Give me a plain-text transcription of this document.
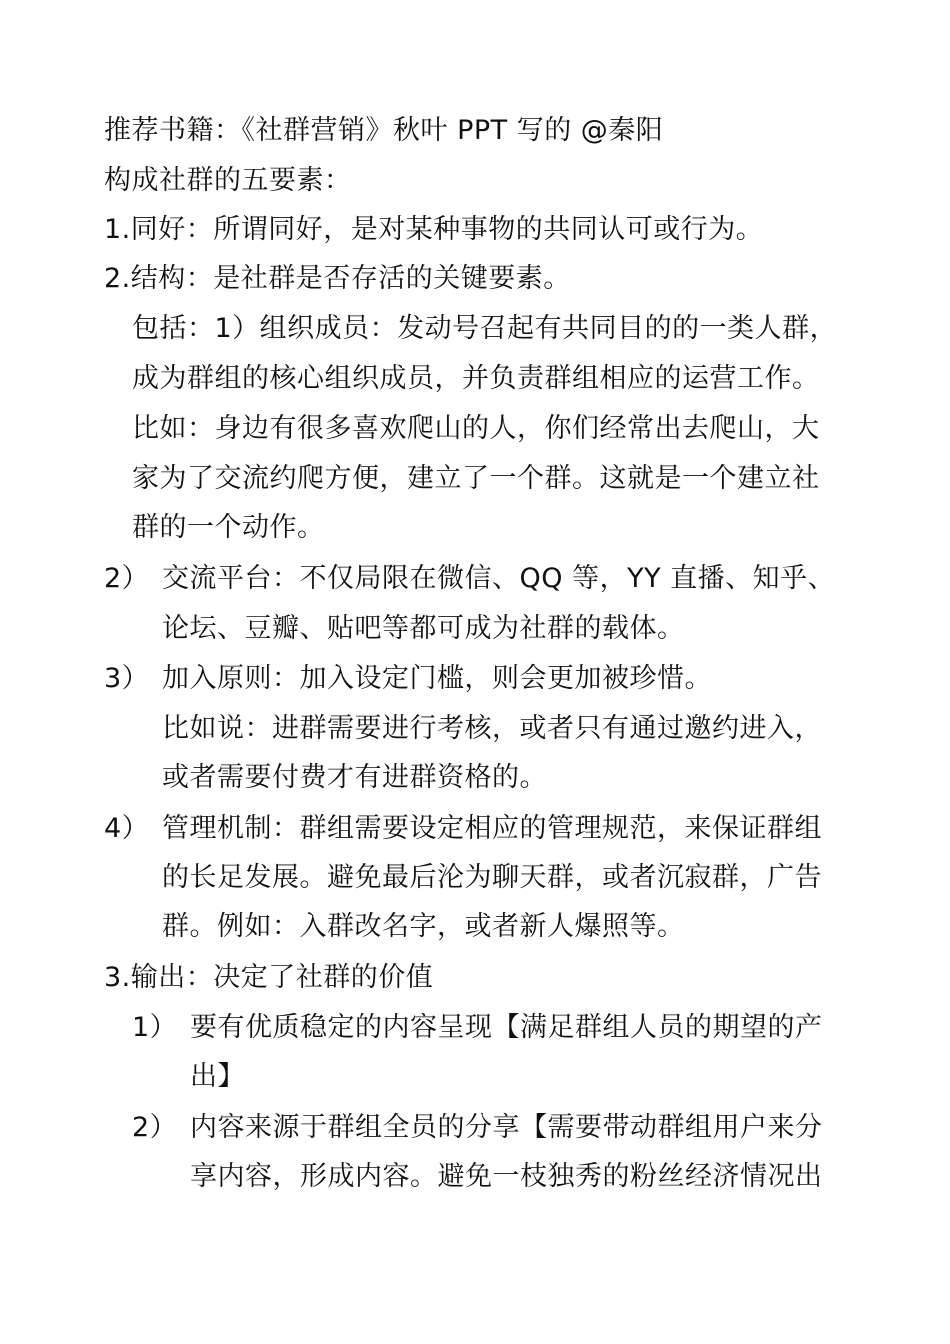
推荐书籍：《社群营销》秋叶 PPT 写的 @秦阳
构成社群的五要素：
1.同好：所谓同好，是对某种事物的共同认可或行为。
2.结构：是社群是否存活的关键要素。
包括：1）组织成员：发动号召起有共同目的的一类人群，
成为群组的核心组织成员，并负责群组相应的运营工作。
比如：身边有很多喜欢爬山的人，你们经常出去爬山，大
家为了交流约爬方便，建立了一个群。这就是一个建立社
群的一个动作。
2） 交流平台：不仅局限在微信、QQ 等，YY 直播、知乎、
论坛、豆瓣、贴吧等都可成为社群的载体。
3） 加入原则：加入设定门槛，则会更加被珍惜。
比如说：进群需要进行考核，或者只有通过邀约进入，
或者需要付费才有进群资格的。
4） 管理机制：群组需要设定相应的管理规范，来保证群组
的长足发展。避免最后沦为聊天群，或者沉寂群，广告
群。例如：入群改名字，或者新人爆照等。
3.输出：决定了社群的价值
1） 要有优质稳定的内容呈现【满足群组人员的期望的产
出】
2） 内容来源于群组全员的分享【需要带动群组用户来分
享内容，形成内容。避免一枝独秀的粉丝经济情况出
